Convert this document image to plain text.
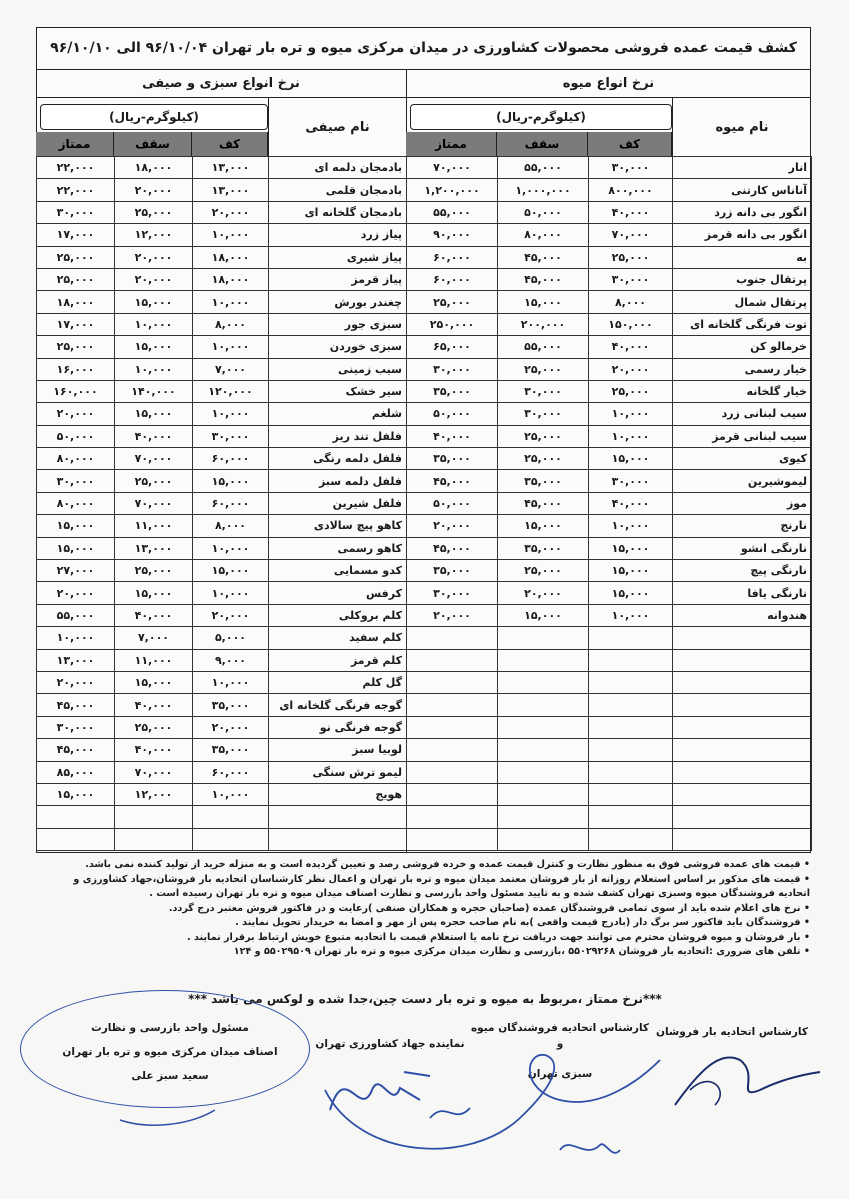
کشف قیمت عمده فروشی محصولات کشاورزی در میدان مرکزی میوه و تره بار تهران ۹۶/۱۰/۰۴ الی ۹۶/۱۰/۱۰
نرخ انواع میوه
نرخ انواع سبزی و صیفی
(کیلوگرم-ریال)
(کیلوگرم-ریال)
نام میوه
نام صیفی
کف
سقف
ممتاز
کف
سقف
ممتاز
۷۰,۰۰۰	۵۵,۰۰۰	۳۰,۰۰۰	انار
۱,۲۰۰,۰۰۰	۱,۰۰۰,۰۰۰	۸۰۰,۰۰۰	آناناس کارتنی
۵۵,۰۰۰	۵۰,۰۰۰	۴۰,۰۰۰	انگور بی دانه زرد
۹۰,۰۰۰	۸۰,۰۰۰	۷۰,۰۰۰	انگور بی دانه قرمز
۶۰,۰۰۰	۴۵,۰۰۰	۲۵,۰۰۰	به
۶۰,۰۰۰	۴۵,۰۰۰	۳۰,۰۰۰	پرتقال جنوب
۲۵,۰۰۰	۱۵,۰۰۰	۸,۰۰۰	پرتقال شمال
۲۵۰,۰۰۰	۲۰۰,۰۰۰	۱۵۰,۰۰۰	توت فرنگی گلخانه ای
۶۵,۰۰۰	۵۵,۰۰۰	۴۰,۰۰۰	خرمالو کن
۳۰,۰۰۰	۲۵,۰۰۰	۲۰,۰۰۰	خیار رسمی
۳۵,۰۰۰	۳۰,۰۰۰	۲۵,۰۰۰	خیار گلخانه
۵۰,۰۰۰	۳۰,۰۰۰	۱۰,۰۰۰	سیب لبنانی زرد
۴۰,۰۰۰	۲۵,۰۰۰	۱۰,۰۰۰	سیب لبنانی قرمز
۳۵,۰۰۰	۲۵,۰۰۰	۱۵,۰۰۰	کیوی
۴۵,۰۰۰	۳۵,۰۰۰	۳۰,۰۰۰	لیموشیرین
۵۰,۰۰۰	۴۵,۰۰۰	۴۰,۰۰۰	موز
۲۰,۰۰۰	۱۵,۰۰۰	۱۰,۰۰۰	نارنج
۴۵,۰۰۰	۳۵,۰۰۰	۱۵,۰۰۰	نارنگی انشو
۳۵,۰۰۰	۲۵,۰۰۰	۱۵,۰۰۰	نارنگی پیچ
۳۰,۰۰۰	۲۰,۰۰۰	۱۵,۰۰۰	نارنگی یافا
۲۰,۰۰۰	۱۵,۰۰۰	۱۰,۰۰۰	هندوانه

۲۲,۰۰۰	۱۸,۰۰۰	۱۳,۰۰۰	بادمجان دلمه ای
۲۲,۰۰۰	۲۰,۰۰۰	۱۳,۰۰۰	بادمجان قلمی
۳۰,۰۰۰	۲۵,۰۰۰	۲۰,۰۰۰	بادمجان گلخانه ای
۱۷,۰۰۰	۱۲,۰۰۰	۱۰,۰۰۰	پیاز زرد
۲۵,۰۰۰	۲۰,۰۰۰	۱۸,۰۰۰	پیاز شیری
۲۵,۰۰۰	۲۰,۰۰۰	۱۸,۰۰۰	پیاز قرمز
۱۸,۰۰۰	۱۵,۰۰۰	۱۰,۰۰۰	چغندر بورش
۱۷,۰۰۰	۱۰,۰۰۰	۸,۰۰۰	سبزی جور
۲۵,۰۰۰	۱۵,۰۰۰	۱۰,۰۰۰	سبزی خوردن
۱۶,۰۰۰	۱۰,۰۰۰	۷,۰۰۰	سیب زمینی
۱۶۰,۰۰۰	۱۴۰,۰۰۰	۱۲۰,۰۰۰	سیر خشک
۲۰,۰۰۰	۱۵,۰۰۰	۱۰,۰۰۰	شلغم
۵۰,۰۰۰	۴۰,۰۰۰	۳۰,۰۰۰	فلفل تند ریز
۸۰,۰۰۰	۷۰,۰۰۰	۶۰,۰۰۰	فلفل دلمه رنگی
۳۰,۰۰۰	۲۵,۰۰۰	۱۵,۰۰۰	فلفل دلمه سبز
۸۰,۰۰۰	۷۰,۰۰۰	۶۰,۰۰۰	فلفل شیرین
۱۵,۰۰۰	۱۱,۰۰۰	۸,۰۰۰	کاهو پیچ سالادی
۱۵,۰۰۰	۱۳,۰۰۰	۱۰,۰۰۰	کاهو رسمی
۲۷,۰۰۰	۲۵,۰۰۰	۱۵,۰۰۰	کدو مسمایی
۲۰,۰۰۰	۱۵,۰۰۰	۱۰,۰۰۰	کرفس
۵۵,۰۰۰	۴۰,۰۰۰	۲۰,۰۰۰	کلم بروکلی
۱۰,۰۰۰	۷,۰۰۰	۵,۰۰۰	کلم سفید
۱۳,۰۰۰	۱۱,۰۰۰	۹,۰۰۰	کلم قرمز
۲۰,۰۰۰	۱۵,۰۰۰	۱۰,۰۰۰	گل کلم
۴۵,۰۰۰	۴۰,۰۰۰	۳۵,۰۰۰	گوجه فرنگی گلخانه ای
۳۰,۰۰۰	۲۵,۰۰۰	۲۰,۰۰۰	گوجه فرنگی نو
۴۵,۰۰۰	۴۰,۰۰۰	۳۵,۰۰۰	لوبیا سبز
۸۵,۰۰۰	۷۰,۰۰۰	۶۰,۰۰۰	لیمو ترش سنگی
۱۵,۰۰۰	۱۲,۰۰۰	۱۰,۰۰۰	هویج

• قیمت های عمده فروشی فوق به منظور نظارت و کنترل قیمت عمده و خرده فروشی رصد و تعیین گردیده است و به منزله خرید از تولید کننده نمی باشد.

• قیمت های مذکور بر اساس استعلام روزانه از بار فروشان معتمد میدان میوه و تره بار تهران و اعمال نظر کارشناسان اتحادیه بار فروشان،جهاد کشاورزی و

اتحادیه فروشندگان میوه وسبزی تهران کشف شده و به تایید مسئول واحد بازرسی و نظارت اصناف میدان میوه و تره بار تهران رسیده است .

• نرخ های اعلام شده باید از سوی تمامی فروشندگان عمده (صاحبان حجره و همکاران صنفی )رعایت و در فاکتور فروش معتبر درج گردد.

• فروشندگان باید فاکتور سر برگ دار (بادرج قیمت واقعی )به نام صاحب حجره پس از مهر و امضا به خریدار تحویل نمایند .

• بار فروشان و میوه فروشان محترم می توانند جهت دریافت نرخ نامه یا استعلام قیمت با اتحادیه متبوع خویش ارتباط برقرار نمایند .

• تلفن های ضروری :اتحادیه بار فروشان ۵۵۰۲۹۲۶۸ ،بازرسی و نظارت میدان مرکزی میوه و تره بار تهران ۵۵۰۲۹۵۰۹ و ۱۲۴

***نرخ ممتاز ،مربوط به میوه و تره بار دست چین،جدا شده و لوکس می باشد ***
کارشناس اتحادیه بار فروشان
کارشناس اتحادیه فروشندگان میوه و
سبزی تهران
نماینده جهاد کشاورزی تهران
مسئول واحد بازرسی و نظارت
اصناف میدان مرکزی میوه و تره بار تهران
سعید سبز علی
